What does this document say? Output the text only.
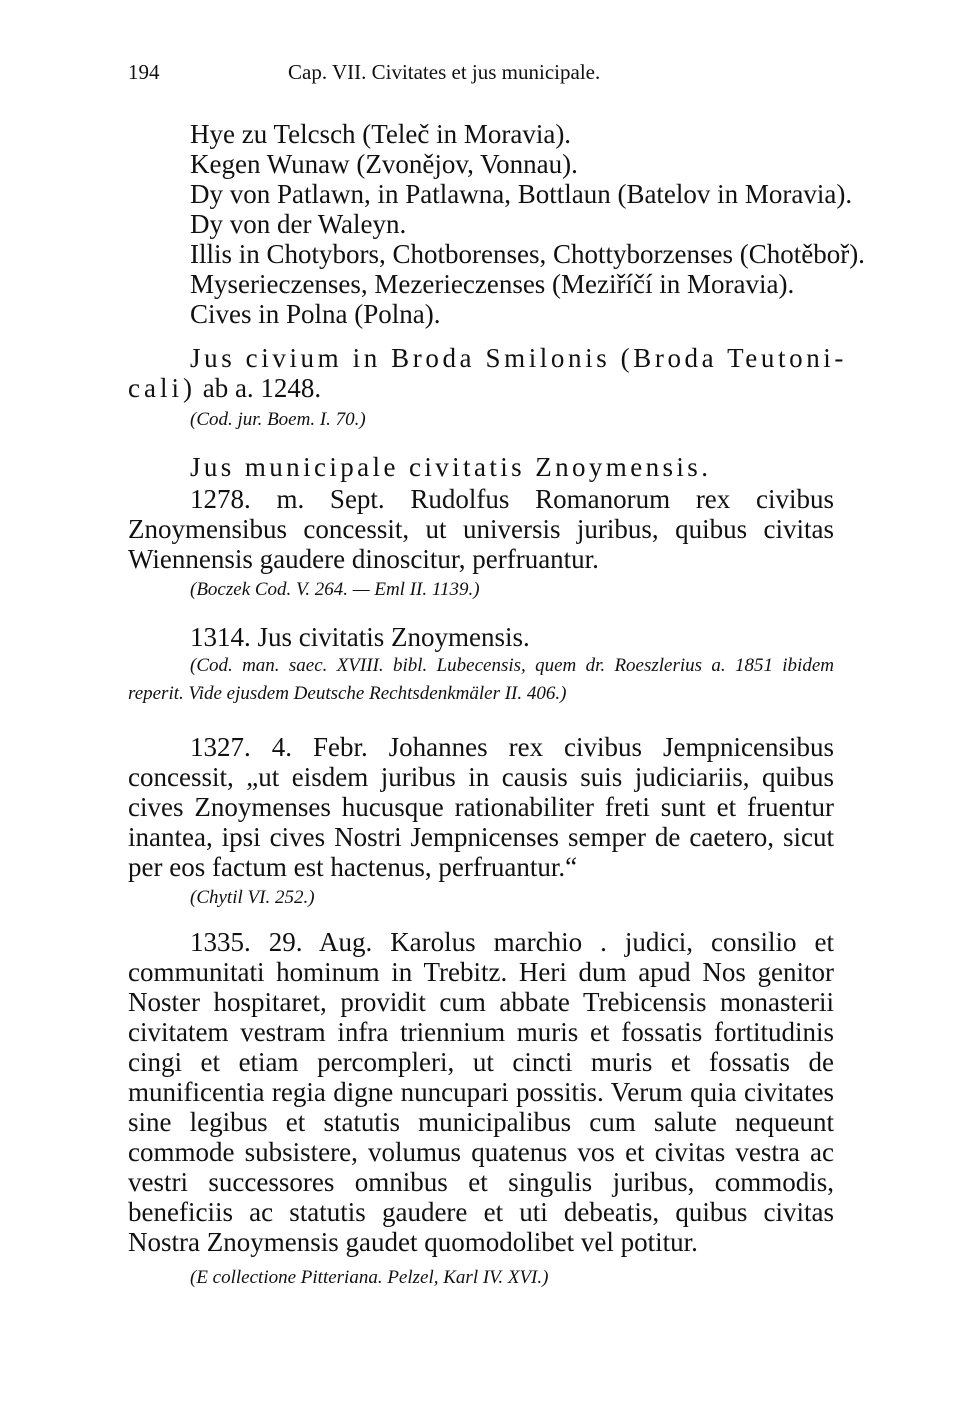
194	Cap. VII. Civitates et jus municipale.
Hye zu Telcsch (Teleč in Moravia).
Kegen Wunaw (Zvonějov, Vonnau).
Dy von Patlawn, in Patlawna, Bottlaun (Batelov in Moravia).
Dy von der Waleyn.
Illis in Chotybors, Chotborenses, Chottyborzenses (Chotěboř).
Myserieczenses, Mezerieczenses (Meziříčí in Moravia).
Cives in Polna (Polna).
Jus civium in Broda Smilonis (Broda Teutoni-
cali) ab a. 1248.
(Cod. jur. Boem. I. 70.)
Jus municipale civitatis Znoymensis.
1278. m. Sept. Rudolfus Romanorum rex civibus Znoymensibus concessit, ut universis juribus, quibus civitas Wiennensis gaudere dinoscitur, perfruantur.
(Boczek Cod. V. 264. — Eml II. 1139.)
1314. Jus civitatis Znoymensis.
(Cod. man. saec. XVIII. bibl. Lubecensis, quem dr. Roeszlerius a. 1851 ibidem reperit. Vide ejusdem Deutsche Rechtsdenkmäler II. 406.)
1327. 4. Febr. Johannes rex civibus Jempnicensibus concessit, „ut eisdem juribus in causis suis judiciariis, quibus cives Znoymenses hucusque rationabiliter freti sunt et fruentur inantea, ipsi cives Nostri Jempnicenses semper de caetero, sicut per eos factum est hactenus, perfruantur.“
(Chytil VI. 252.)
1335. 29. Aug. Karolus marchio . judici, consilio et communitati hominum in Trebitz. Heri dum apud Nos genitor Noster hospitaret, providit cum abbate Trebicensis monasterii civitatem vestram infra triennium muris et fossatis fortitudinis cingi et etiam percompleri, ut cincti muris et fossatis de munificentia regia digne nuncupari possitis. Verum quia civitates sine legibus et statutis municipalibus cum salute nequeunt commode subsistere, volumus quatenus vos et civitas vestra ac vestri successores omnibus et singulis juribus, commodis, beneficiis ac statutis gaudere et uti debeatis, quibus civitas Nostra Znoymensis gaudet quomodolibet vel potitur.
(E collectione Pitteriana. Pelzel, Karl IV. XVI.)
